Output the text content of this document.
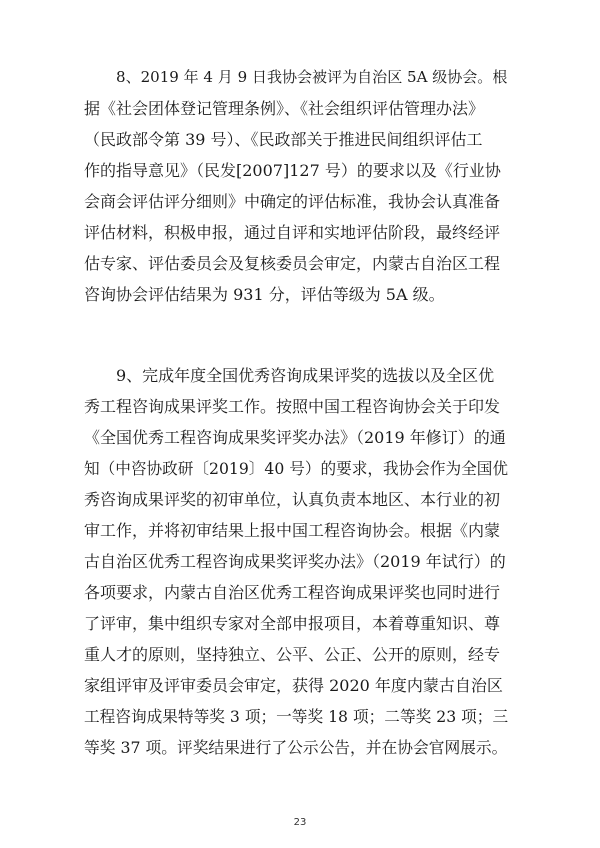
8、2019 年 4 月 9 日我协会被评为自治区 5A 级协会。根
据《社会团体登记管理条例》、《社会组织评估管理办法》
（民政部令第 39 号）、《民政部关于推进民间组织评估工
作的指导意见》（民发[2007]127 号）的要求以及《行业协
会商会评估评分细则》中确定的评估标准，我协会认真准备
评估材料，积极申报，通过自评和实地评估阶段，最终经评
估专家、评估委员会及复核委员会审定，内蒙古自治区工程
咨询协会评估结果为 931 分，评估等级为 5A 级。
9、完成年度全国优秀咨询成果评奖的选拔以及全区优
秀工程咨询成果评奖工作。按照中国工程咨询协会关于印发
《全国优秀工程咨询成果奖评奖办法》（2019 年修订）的通
知（中咨协政研〔2019〕40 号）的要求，我协会作为全国优
秀咨询成果评奖的初审单位，认真负责本地区、本行业的初
审工作，并将初审结果上报中国工程咨询协会。根据《内蒙
古自治区优秀工程咨询成果奖评奖办法》（2019 年试行）的
各项要求，内蒙古自治区优秀工程咨询成果评奖也同时进行
了评审，集中组织专家对全部申报项目，本着尊重知识、尊
重人才的原则，坚持独立、公平、公正、公开的原则，经专
家组评审及评审委员会审定，获得 2020 年度内蒙古自治区
工程咨询成果特等奖 3 项；一等奖 18 项；二等奖 23 项；三
等奖 37 项。评奖结果进行了公示公告，并在协会官网展示。
23
